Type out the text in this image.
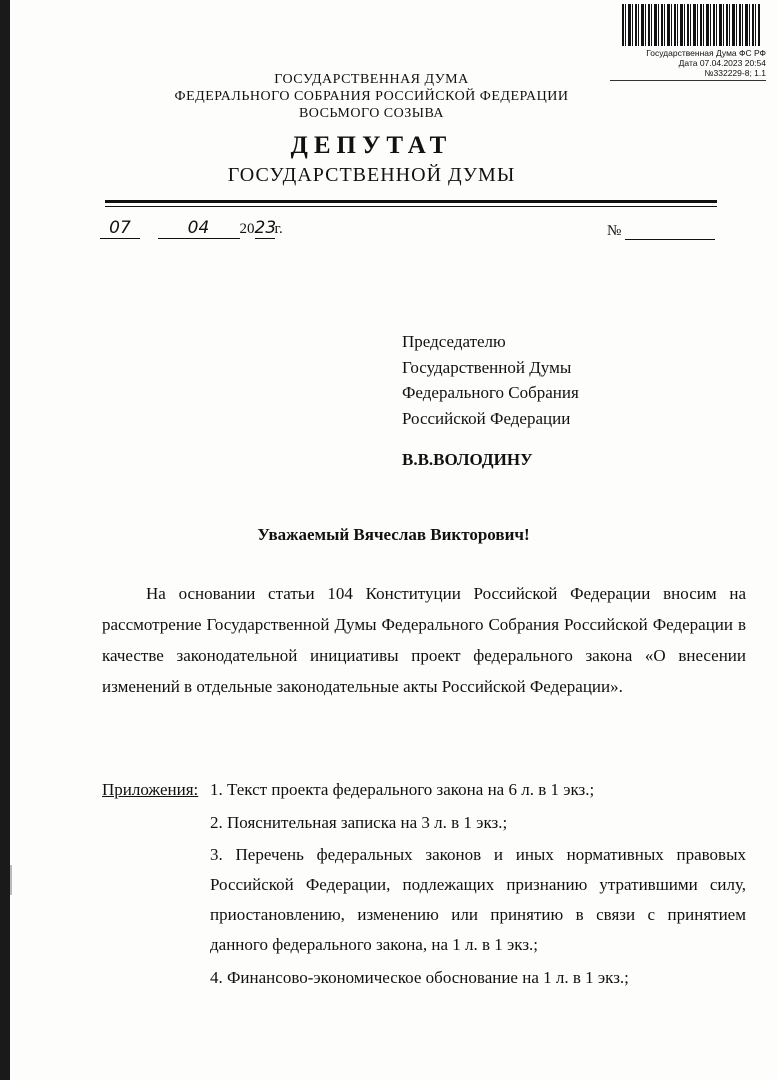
Государственная Дума ФС РФ
Дата 07.04.2023 20:54
№332229-8; 1.1
ГОСУДАРСТВЕННАЯ ДУМА
ФЕДЕРАЛЬНОГО СОБРАНИЯ РОССИЙСКОЙ ФЕДЕРАЦИИ
ВОСЬМОГО СОЗЫВА
ДЕПУТАТ
ГОСУДАРСТВЕННОЙ ДУМЫ
07	04 2023г.	№
Председателю
Государственной Думы
Федерального Собрания
Российской Федерации
В.В.ВОЛОДИНУ
Уважаемый Вячеслав Викторович!
На основании статьи 104 Конституции Российской Федерации вносим на рассмотрение Государственной Думы Федерального Собрания Российской Федерации в качестве законодательной инициативы проект федерального закона «О внесении изменений в отдельные законодательные акты Российской Федерации».
Приложения: 1. Текст проекта федерального закона на 6 л. в 1 экз.;
2. Пояснительная записка на 3 л. в 1 экз.;
3. Перечень федеральных законов и иных нормативных правовых Российской Федерации, подлежащих признанию утратившими силу, приостановлению, изменению или принятию в связи с принятием данного федерального закона, на 1 л. в 1 экз.;
4. Финансово-экономическое обоснование на 1 л. в 1 экз.;
